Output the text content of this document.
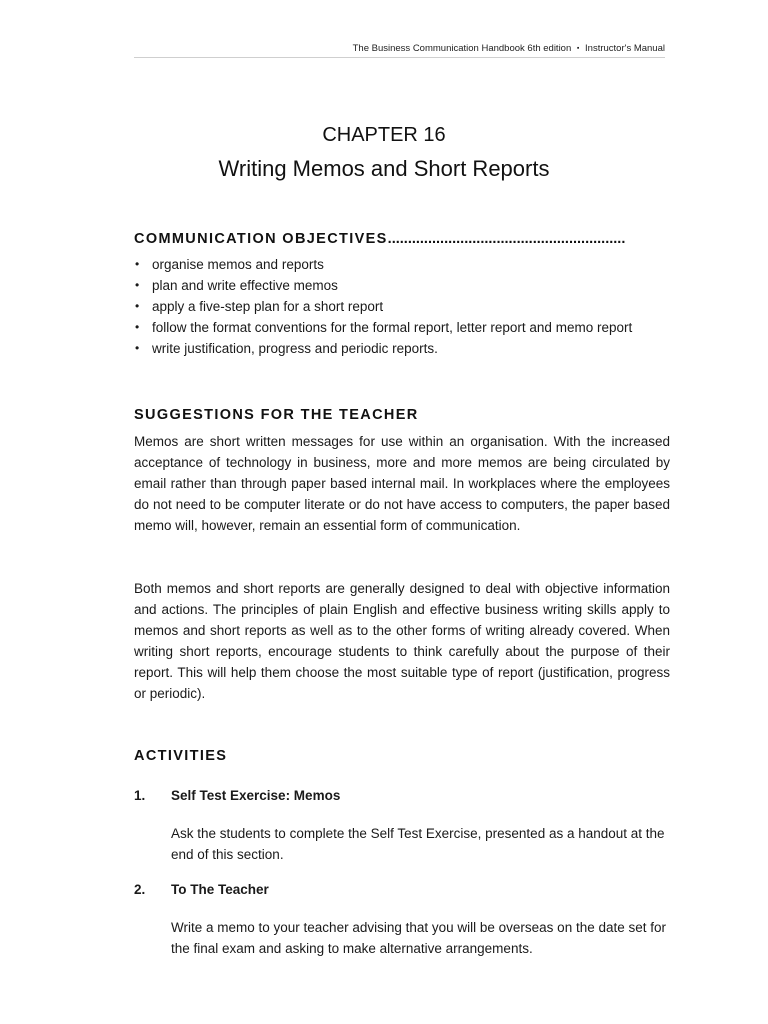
The Business Communication Handbook 6th edition ▪ Instructor's Manual
CHAPTER 16
Writing Memos and Short Reports
COMMUNICATION OBJECTIVES...........................................................
• organise memos and reports
• plan and write effective memos
• apply a five-step plan for a short report
• follow the format conventions for the formal report, letter report and memo report
• write justification, progress and periodic reports.
SUGGESTIONS FOR THE TEACHER

Memos are short written messages for use within an organisation. With the increased acceptance of technology in business, more and more memos are being circulated by email rather than through paper based internal mail. In workplaces where the employees do not need to be computer literate or do not have access to computers, the paper based memo will, however, remain an essential form of communication.

Both memos and short reports are generally designed to deal with objective information and actions. The principles of plain English and effective business writing skills apply to memos and short reports as well as to the other forms of writing already covered. When writing short reports, encourage students to think carefully about the purpose of their report. This will help them choose the most suitable type of report (justification, progress or periodic).

ACTIVITIES
1. Self Test Exercise: Memos

Ask the students to complete the Self Test Exercise, presented as a handout at the end of this section.

2. To The Teacher

Write a memo to your teacher advising that you will be overseas on the date set for the final exam and asking to make alternative arrangements.
